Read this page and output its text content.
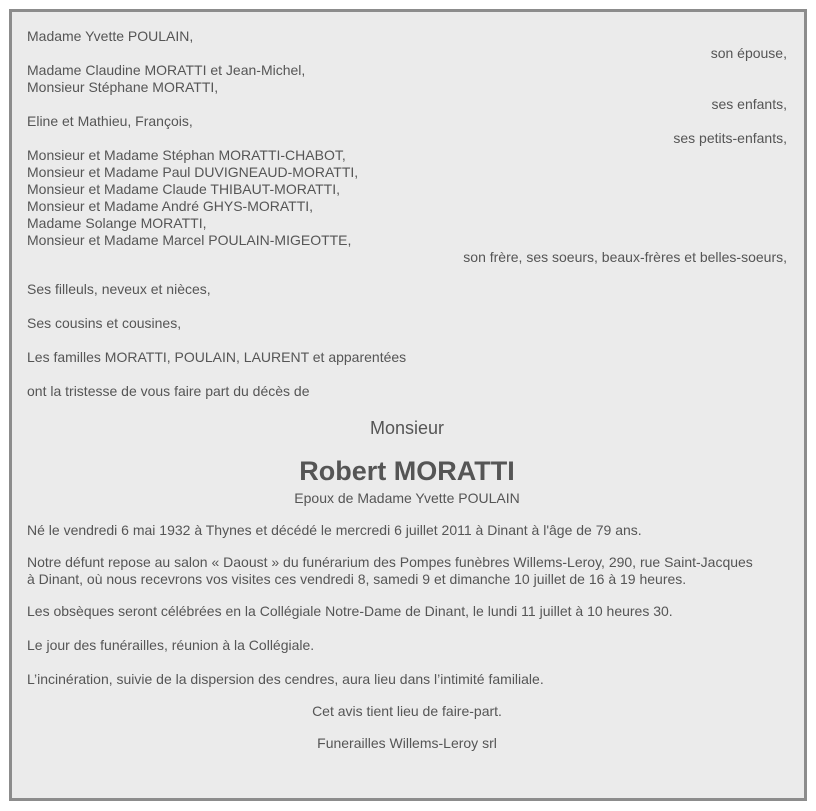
Madame Yvette POULAIN,
son épouse,
Madame Claudine MORATTI et Jean-Michel,
Monsieur Stéphane MORATTI,
ses enfants,
Eline et Mathieu, François,
ses petits-enfants,
Monsieur et Madame Stéphan MORATTI-CHABOT,
Monsieur et Madame Paul DUVIGNEAUD-MORATTI,
Monsieur et Madame Claude THIBAUT-MORATTI,
Monsieur et Madame André GHYS-MORATTI,
Madame Solange MORATTI,
Monsieur et Madame Marcel POULAIN-MIGEOTTE,
son frère, ses soeurs, beaux-frères et belles-soeurs,
Ses filleuls, neveux et nièces,
Ses cousins et cousines,
Les familles MORATTI, POULAIN, LAURENT et apparentées
ont la tristesse de vous faire part du décès de
Monsieur
Robert MORATTI
Epoux de Madame Yvette POULAIN
Né le vendredi 6 mai 1932 à Thynes et décédé le mercredi 6 juillet 2011 à Dinant à l'âge de 79 ans.
Notre défunt repose au salon « Daoust » du funérarium des Pompes funèbres Willems-Leroy, 290, rue Saint-Jacques
à Dinant, où nous recevrons vos visites ces vendredi 8, samedi 9 et dimanche 10 juillet de 16 à 19 heures.
Les obsèques seront célébrées en la Collégiale Notre-Dame de Dinant, le lundi 11 juillet à 10 heures 30.
Le jour des funérailles, réunion à la Collégiale.
L’incinération, suivie de la dispersion des cendres, aura lieu dans l’intimité familiale.
Cet avis tient lieu de faire-part.
Funerailles Willems-Leroy srl
